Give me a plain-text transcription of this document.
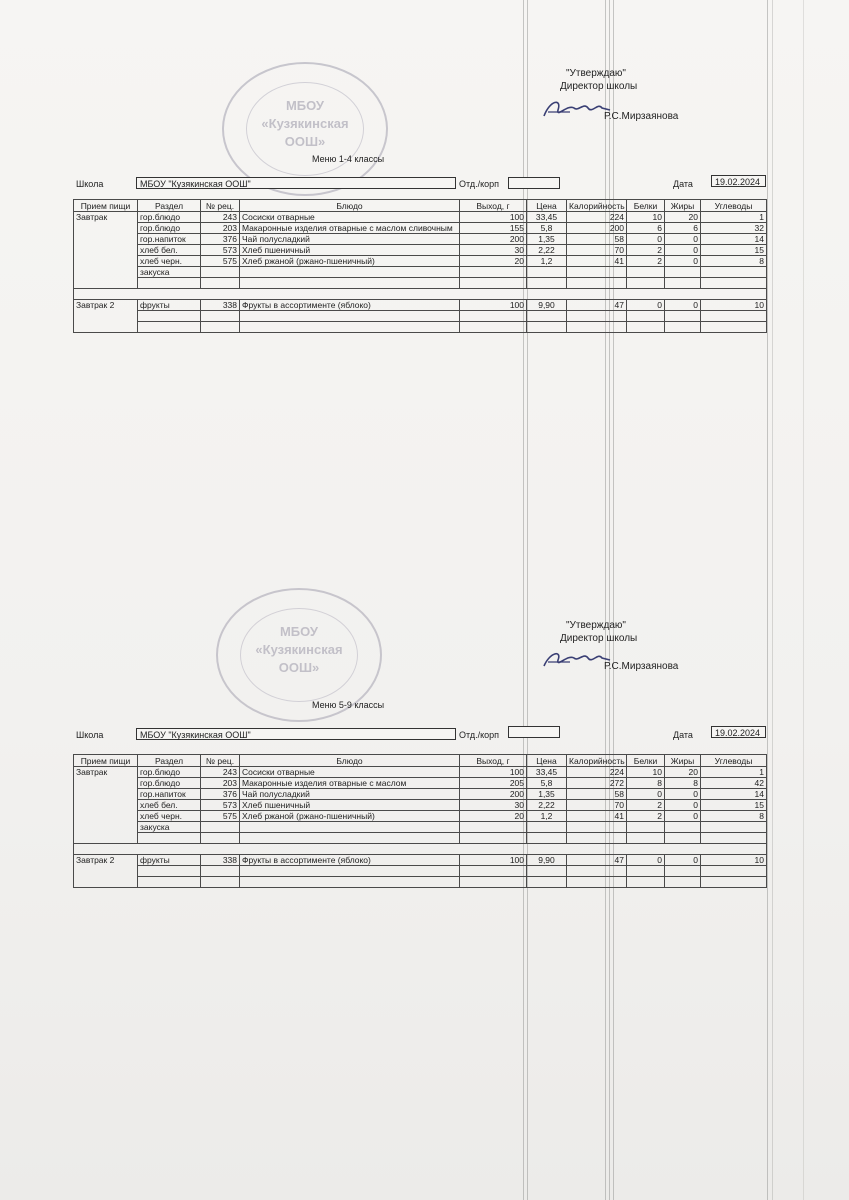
МБОУ
«Кузякинская
ООШ»
"Утверждаю"
Директор школы
Р.С.Мирзаянова
Меню 1-4 классы
Школа	МБОУ "Кузякинская ООШ"	Отд./корп	Дата	19.02.2024
Прием пищи	Раздел	№ рец.	Блюдо	Выход, г	Цена	Калорийность	Белки	Жиры	Углеводы
Завтрак	гор.блюдо	243	Сосиски отварные	100	33,45	224	10	20	1
	гор.блюдо	203	Макаронные изделия отварные с маслом сливочным	155	5,8	200	6	6	32
	гор.напиток	376	Чай полусладкий	200	1,35	58	0	0	14
	хлеб бел.	573	Хлеб пшеничный	30	2,22	70	2	0	15
	хлеб черн.	575	Хлеб ржаной (ржано-пшеничный)	20	1,2	41	2	0	8
	закуска								

Завтрак 2	фрукты	338	Фрукты в ассортименте (яблоко)	100	9,90	47	0	0	10

МБОУ
«Кузякинская
ООШ»
"Утверждаю"
Директор школы
Р.С.Мирзаянова
Меню 5-9 классы
Школа	МБОУ "Кузякинская ООШ"	Отд./корп	Дата	19.02.2024
Прием пищи	Раздел	№ рец.	Блюдо	Выход, г	Цена	Калорийность	Белки	Жиры	Углеводы
Завтрак	гор.блюдо	243	Сосиски отварные	100	33,45	224	10	20	1
	гор.блюдо	203	Макаронные изделия отварные с маслом	205	5,8	272	8	8	42
	гор.напиток	376	Чай полусладкий	200	1,35	58	0	0	14
	хлеб бел.	573	Хлеб пшеничный	30	2,22	70	2	0	15
	хлеб черн.	575	Хлеб ржаной (ржано-пшеничный)	20	1,2	41	2	0	8
	закуска								

Завтрак 2	фрукты	338	Фрукты в ассортименте (яблоко)	100	9,90	47	0	0	10
